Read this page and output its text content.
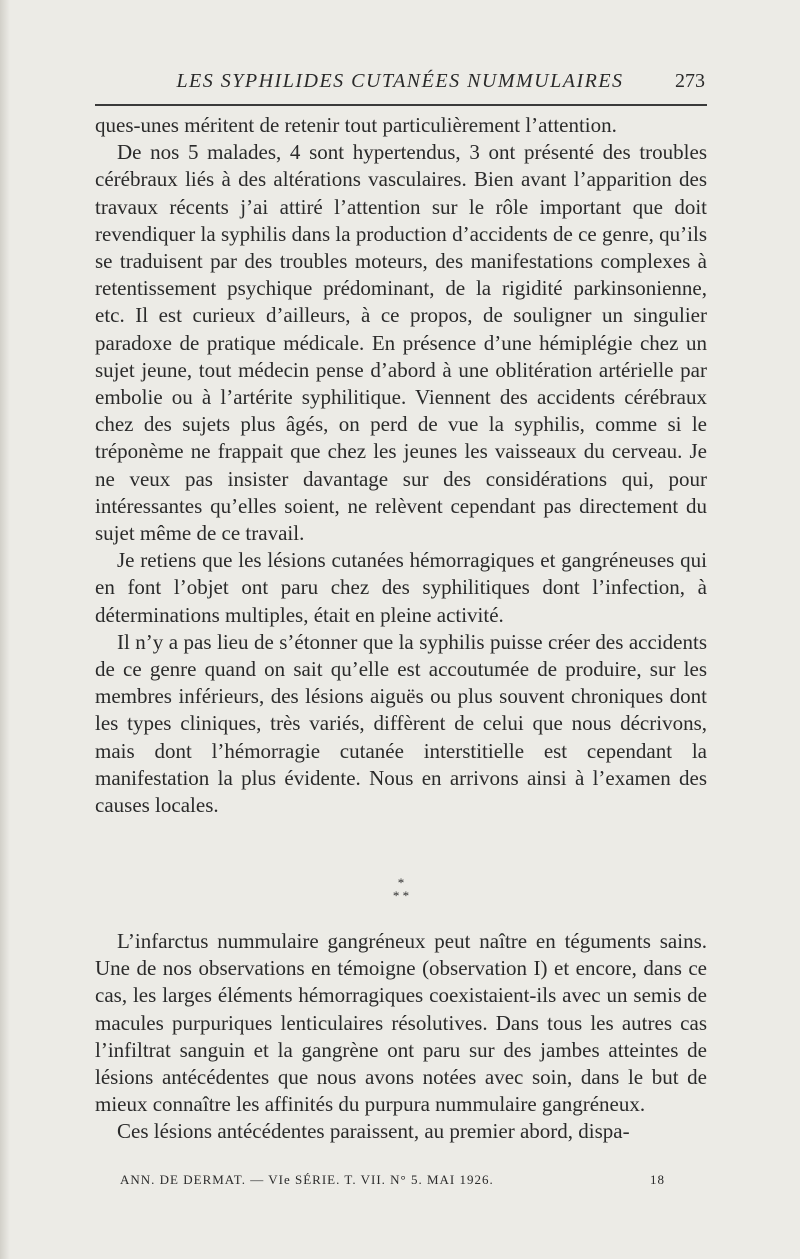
LES SYPHILIDES CUTANÉES NUMMULAIRES	273

ques-unes méritent de retenir tout particulièrement l’attention.

De nos 5 malades, 4 sont hypertendus, 3 ont présenté des troubles cérébraux liés à des altérations vasculaires. Bien avant l’apparition des travaux récents j’ai attiré l’attention sur le rôle important que doit revendiquer la syphilis dans la production d’accidents de ce genre, qu’ils se traduisent par des troubles moteurs, des manifestations complexes à retentissement psychique prédominant, de la rigidité parkinsonienne, etc. Il est curieux d’ailleurs, à ce propos, de souligner un singulier paradoxe de pratique médicale. En présence d’une hémiplégie chez un sujet jeune, tout médecin pense d’abord à une oblitération artérielle par embolie ou à l’artérite syphilitique. Viennent des accidents cérébraux chez des sujets plus âgés, on perd de vue la syphilis, comme si le tréponème ne frappait que chez les jeunes les vaisseaux du cerveau. Je ne veux pas insister davantage sur des considérations qui, pour intéressantes qu’elles soient, ne relèvent cependant pas directement du sujet même de ce travail.

Je retiens que les lésions cutanées hémorragiques et gangréneuses qui en font l’objet ont paru chez des syphilitiques dont l’infection, à déterminations multiples, était en pleine activité.

Il n’y a pas lieu de s’étonner que la syphilis puisse créer des accidents de ce genre quand on sait qu’elle est accoutumée de produire, sur les membres inférieurs, des lésions aiguës ou plus souvent chroniques dont les types cliniques, très variés, diffèrent de celui que nous décrivons, mais dont l’hémorragie cutanée interstitielle est cependant la manifestation la plus évidente. Nous en arrivons ainsi à l’examen des causes locales.

*
* *

L’infarctus nummulaire gangréneux peut naître en téguments sains. Une de nos observations en témoigne (observation I) et encore, dans ce cas, les larges éléments hémorragiques coexistaient-ils avec un semis de macules purpuriques lenticulaires résolutives. Dans tous les autres cas l’infiltrat sanguin et la gangrène ont paru sur des jambes atteintes de lésions antécédentes que nous avons notées avec soin, dans le but de mieux connaître les affinités du purpura nummulaire gangréneux.

Ces lésions antécédentes paraissent, au premier abord, dispa-

ANN. DE DERMAT. — VIe SÉRIE. T. VII. N° 5. MAI 1926.	18
